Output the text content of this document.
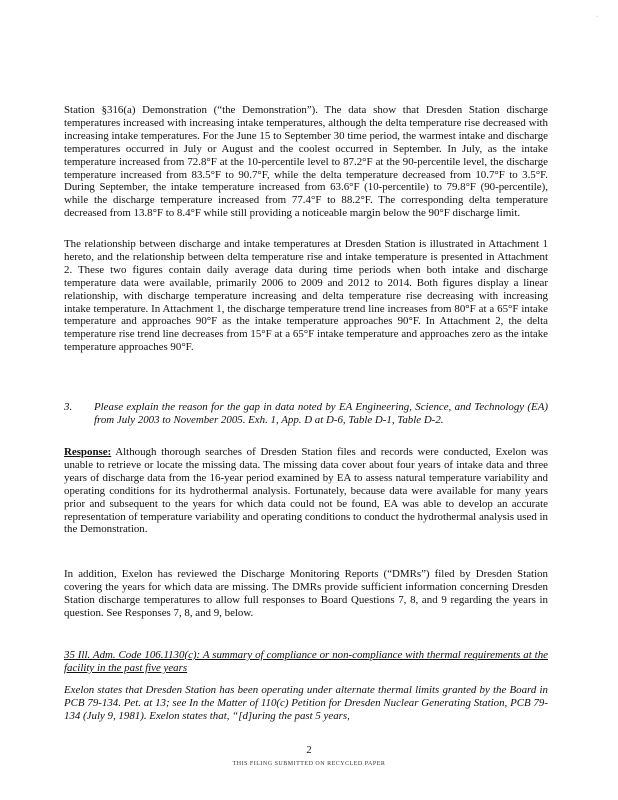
·

Station §316(a) Demonstration (“the Demonstration”). The data show that Dresden Station discharge temperatures increased with increasing intake temperatures, although the delta temperature rise decreased with increasing intake temperatures. For the June 15 to September 30 time period, the warmest intake and discharge temperatures occurred in July or August and the coolest occurred in September. In July, as the intake temperature increased from 72.8°F at the 10-percentile level to 87.2°F at the 90-percentile level, the discharge temperature increased from 83.5°F to 90.7°F, while the delta temperature decreased from 10.7°F to 3.5°F. During September, the intake temperature increased from 63.6°F (10-percentile) to 79.8°F (90-percentile), while the discharge temperature increased from 77.4°F to 88.2°F. The corresponding delta temperature decreased from 13.8°F to 8.4°F while still providing a noticeable margin below the 90°F discharge limit.

The relationship between discharge and intake temperatures at Dresden Station is illustrated in Attachment 1 hereto, and the relationship between delta temperature rise and intake temperature is presented in Attachment 2. These two figures contain daily average data during time periods when both intake and discharge temperature data were available, primarily 2006 to 2009 and 2012 to 2014. Both figures display a linear relationship, with discharge temperature increasing and delta temperature rise decreasing with increasing intake temperature. In Attachment 1, the discharge temperature trend line increases from 80°F at a 65°F intake temperature and approaches 90°F as the intake temperature approaches 90°F. In Attachment 2, the delta temperature rise trend line decreases from 15°F at a 65°F intake temperature and approaches zero as the intake temperature approaches 90°F.

3. Please explain the reason for the gap in data noted by EA Engineering, Science, and Technology (EA) from July 2003 to November 2005. Exh. 1, App. D at D-6, Table D-1, Table D-2.

Response: Although thorough searches of Dresden Station files and records were conducted, Exelon was unable to retrieve or locate the missing data. The missing data cover about four years of intake data and three years of discharge data from the 16-year period examined by EA to assess natural temperature variability and operating conditions for its hydrothermal analysis. Fortunately, because data were available for many years prior and subsequent to the years for which data could not be found, EA was able to develop an accurate representation of temperature variability and operating conditions to conduct the hydrothermal analysis used in the Demonstration.

In addition, Exelon has reviewed the Discharge Monitoring Reports (“DMRs”) filed by Dresden Station covering the years for which data are missing. The DMRs provide sufficient information concerning Dresden Station discharge temperatures to allow full responses to Board Questions 7, 8, and 9 regarding the years in question. See Responses 7, 8, and 9, below.

35 Ill. Adm. Code 106.1130(c): A summary of compliance or non-compliance with thermal requirements at the facility in the past five years

Exelon states that Dresden Station has been operating under alternate thermal limits granted by the Board in PCB 79-134. Pet. at 13; see In the Matter of 110(c) Petition for Dresden Nuclear Generating Station, PCB 79-134 (July 9, 1981). Exelon states that, “[d]uring the past 5 years,

2
THIS FILING SUBMITTED ON RECYCLED PAPER
